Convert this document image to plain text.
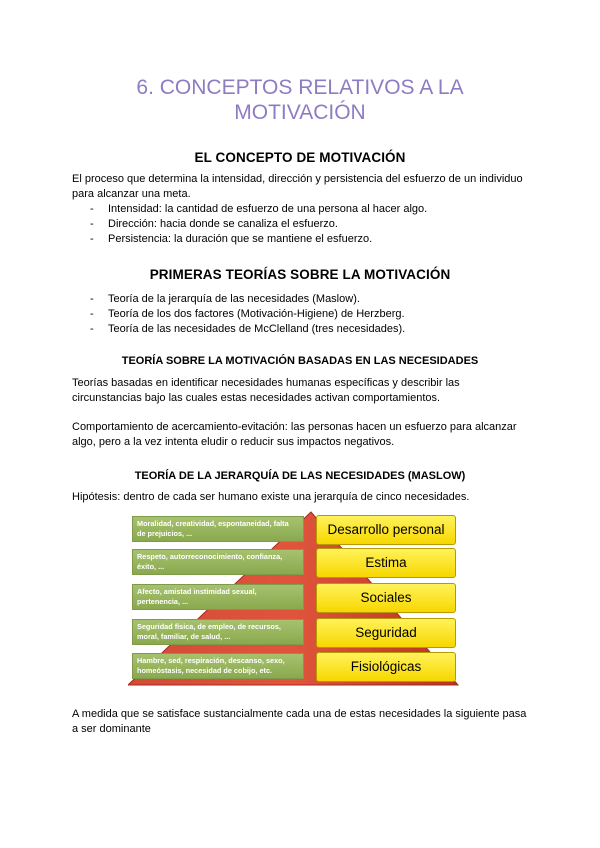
6. CONCEPTOS RELATIVOS A LA
MOTIVACIÓN
EL CONCEPTO DE MOTIVACIÓN

El proceso que determina la intensidad, dirección y persistencia del esfuerzo de un individuo para alcanzar una meta.

- Intensidad: la cantidad de esfuerzo de una persona al hacer algo.
- Dirección: hacia donde se canaliza el esfuerzo.
- Persistencia: la duración que se mantiene el esfuerzo.
PRIMERAS TEORÍAS SOBRE LA MOTIVACIÓN
- Teoría de la jerarquía de las necesidades (Maslow).
- Teoría de los dos factores (Motivación-Higiene) de Herzberg.
- Teoría de las necesidades de McClelland (tres necesidades).
TEORÍA SOBRE LA MOTIVACIÓN BASADAS EN LAS NECESIDADES

Teorías basadas en identificar necesidades humanas específicas y describir las circunstancias bajo las cuales estas necesidades activan comportamientos.

Comportamiento de acercamiento-evitación: las personas hacen un esfuerzo para alcanzar algo, pero a la vez intenta eludir o reducir sus impactos negativos.

TEORÍA DE LA JERARQUÍA DE LAS NECESIDADES (MASLOW)

Hipótesis: dentro de cada ser humano existe una jerarquía de cinco necesidades.

Moralidad, creatividad, espontaneidad, falta de prejuicios, ...
Respeto, autorreconocimiento, confianza, éxito, ...
Afecto, amistad instimidad sexual, pertenencia, ...
Seguridad física, de empleo, de recursos, moral, familiar, de salud, ...
Hambre, sed, respiración, descanso, sexo, homeóstasis, necesidad de cobijo, etc.
Desarrollo personal
Estima
Sociales
Seguridad
Fisiológicas

A medida que se satisface sustancialmente cada una de estas necesidades la siguiente pasa a ser dominante
